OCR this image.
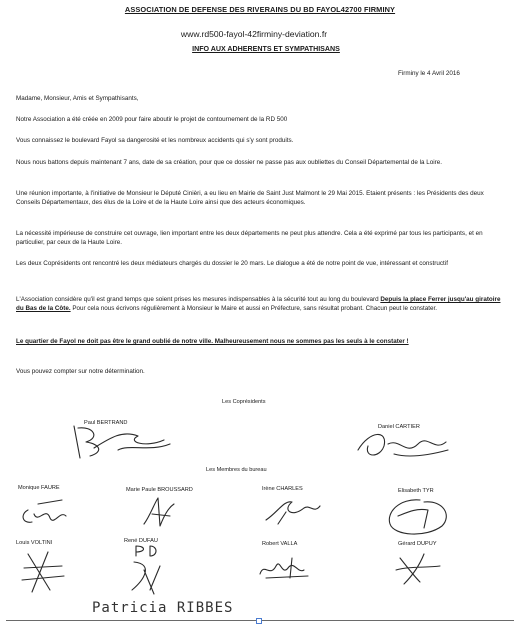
ASSOCIATION DE DEFENSE DES RIVERAINS DU BD FAYOL42700 FIRMINY
www.rd500-fayol-42firminy-deviation.fr
INFO AUX ADHERENTS ET SYMPATHISANS
Firminy le 4 Avril 2016
Madame, Monsieur, Amis et Sympathisants,
Notre Association a été créée en 2009 pour faire aboutir le projet de contournement de la RD 500
Vous connaissez le boulevard Fayol sa dangerosité et les nombreux accidents qui s'y sont produits.
Nous nous battons depuis maintenant 7 ans, date de sa création, pour que ce dossier ne passe pas aux oubliettes du Conseil Départemental de la Loire.
Une réunion importante, à l'initiative de Monsieur le Député Cinièri, a eu lieu en Mairie de Saint Just Malmont le 29 Mai 2015. Etaient présents : les Présidents des deux Conseils Départementaux, des élus de la Loire et de la Haute Loire ainsi que des acteurs économiques.
La nécessité impérieuse de construire cet ouvrage, lien important entre les deux départements ne peut plus attendre. Cela a été exprimé par tous les participants, et en particulier, par ceux de la Haute Loire.
Les deux Coprésidents ont rencontré les deux médiateurs chargés du dossier le 20 mars. Le dialogue a été de notre point de vue, intéressant et constructif
L'Association considère qu'il est grand temps que soient prises les mesures indispensables à la sécurité tout au long du boulevard Depuis la place Ferrer jusqu'au giratoire du Bas de la Côte. Pour cela nous écrivons régulièrement à Monsieur le Maire et aussi en Préfecture, sans résultat probant. Chacun peut le constater.
Le quartier de Fayol ne doit pas être le grand oublié de notre ville. Malheureusement nous ne sommes pas les seuls à le constater !
Vous pouvez compter sur notre détermination.
Les Coprésidents
Les Membres du bureau
Paul BERTRAND
Daniel CARTIER
Monique FAURE	Marie Paule BROUSSARD	Irène CHARLES	Elisabeth TYR
Louis VOLTINI	René DUFAU	Robert VALLA	Gérard DUPUY
Patricia RIBBES
